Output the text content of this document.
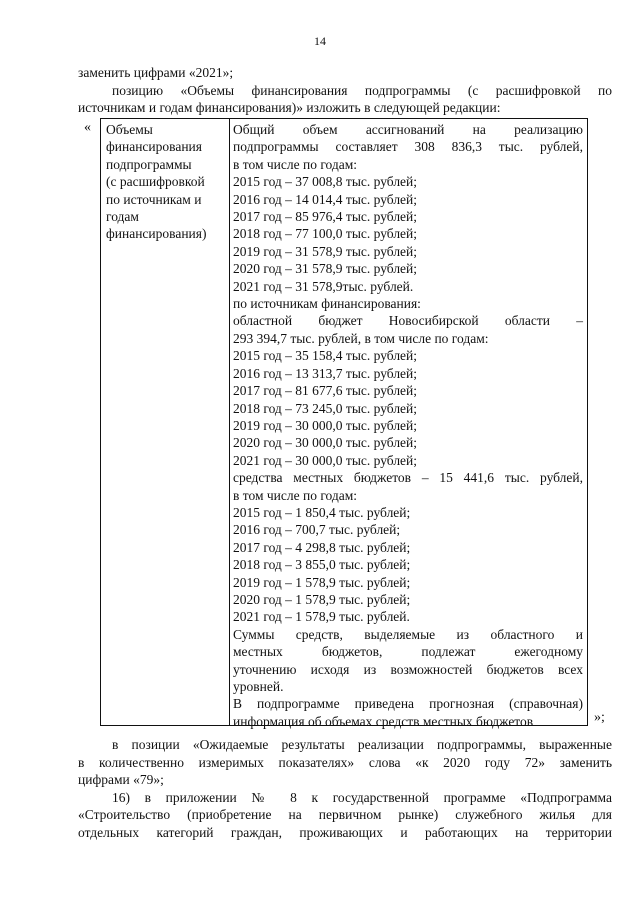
14

заменить цифрами «2021»;

позицию «Объемы финансирования подпрограммы (с расшифровкой по

источникам и годам финансирования)» изложить в следующей редакции:

« Объемы
финансирования
подпрограммы
(с расшифровкой
по источникам и
годам
финансирования)
Общий объем ассигнований на реализацию
подпрограммы составляет 308 836,3 тыс. рублей,
в том числе по годам:
2015 год – 37 008,8 тыс. рублей;
2016 год – 14 014,4 тыс. рублей;
2017 год – 85 976,4 тыс. рублей;
2018 год – 77 100,0 тыс. рублей;
2019 год – 31 578,9 тыс. рублей;
2020 год – 31 578,9 тыс. рублей;
2021 год – 31 578,9тыс. рублей.
по источникам финансирования:
областной бюджет Новосибирской области –
293 394,7 тыс. рублей, в том числе по годам:
2015 год – 35 158,4 тыс. рублей;
2016 год – 13 313,7 тыс. рублей;
2017 год – 81 677,6 тыс. рублей;
2018 год – 73 245,0 тыс. рублей;
2019 год – 30 000,0 тыс. рублей;
2020 год – 30 000,0 тыс. рублей;
2021 год – 30 000,0 тыс. рублей;
средства местных бюджетов – 15 441,6 тыс. рублей,
в том числе по годам:
2015 год – 1 850,4 тыс. рублей;
2016 год – 700,7 тыс. рублей;
2017 год – 4 298,8 тыс. рублей;
2018 год – 3 855,0 тыс. рублей;
2019 год – 1 578,9 тыс. рублей;
2020 год – 1 578,9 тыс. рублей;
2021 год – 1 578,9 тыс. рублей.
Суммы средств, выделяемые из областного и
местных бюджетов, подлежат ежегодному
уточнению исходя из возможностей бюджетов всех
уровней.
В подпрограмме приведена прогнозная (справочная)
информация об объемах средств местных бюджетов	»;

в позиции «Ожидаемые результаты реализации подпрограммы, выраженные

в количественно измеримых показателях» слова «к 2020 году 72» заменить

цифрами «79»;

16) в приложении № 8 к государственной программе «Подпрограмма

«Строительство (приобретение на первичном рынке) служебного жилья для

отдельных категорий граждан, проживающих и работающих на территории
